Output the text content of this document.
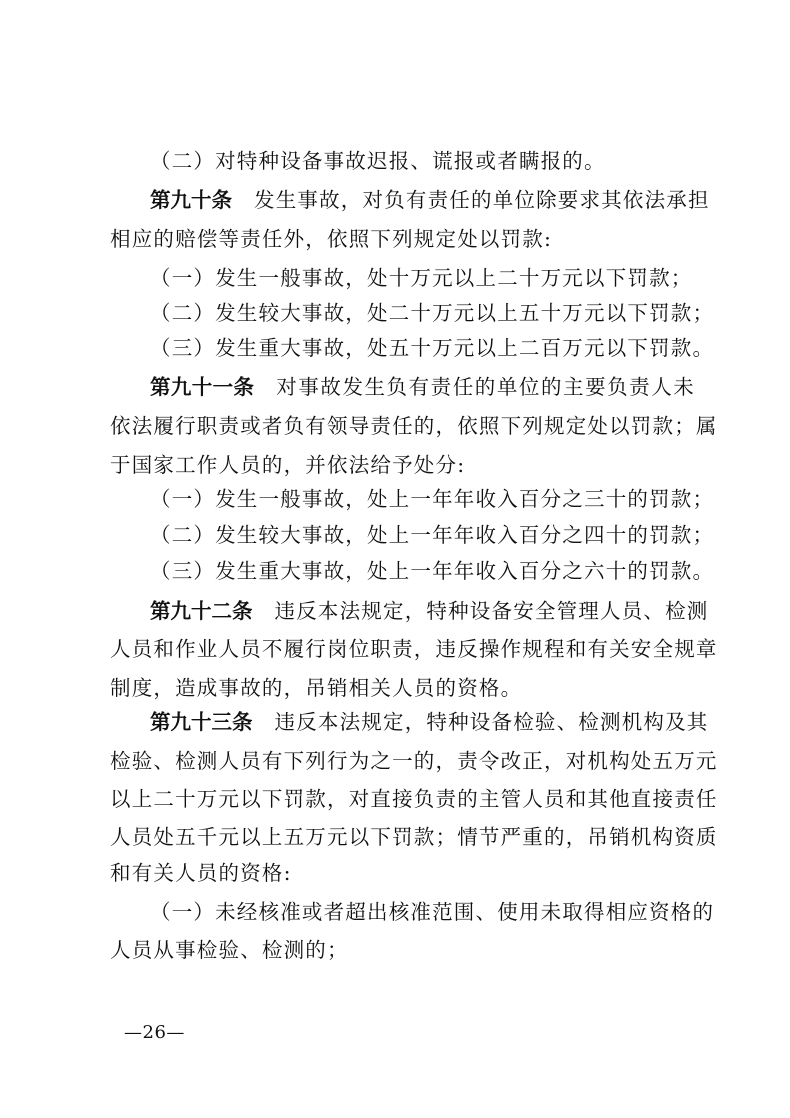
（二）对特种设备事故迟报、谎报或者瞒报的。
第九十条 发生事故，对负有责任的单位除要求其依法承担
相应的赔偿等责任外，依照下列规定处以罚款:
（一）发生一般事故，处十万元以上二十万元以下罚款；
（二）发生较大事故，处二十万元以上五十万元以下罚款；
（三）发生重大事故，处五十万元以上二百万元以下罚款。
第九十一条 对事故发生负有责任的单位的主要负责人未
依法履行职责或者负有领导责任的，依照下列规定处以罚款；属
于国家工作人员的，并依法给予处分:
（一）发生一般事故，处上一年年收入百分之三十的罚款；
（二）发生较大事故，处上一年年收入百分之四十的罚款；
（三）发生重大事故，处上一年年收入百分之六十的罚款。
第九十二条 违反本法规定，特种设备安全管理人员、检测
人员和作业人员不履行岗位职责，违反操作规程和有关安全规章
制度，造成事故的，吊销相关人员的资格。
第九十三条 违反本法规定，特种设备检验、检测机构及其
检验、检测人员有下列行为之一的，责令改正，对机构处五万元
以上二十万元以下罚款，对直接负责的主管人员和其他直接责任
人员处五千元以上五万元以下罚款；情节严重的，吊销机构资质
和有关人员的资格:
（一）未经核准或者超出核准范围、使用未取得相应资格的
人员从事检验、检测的；
—26—
